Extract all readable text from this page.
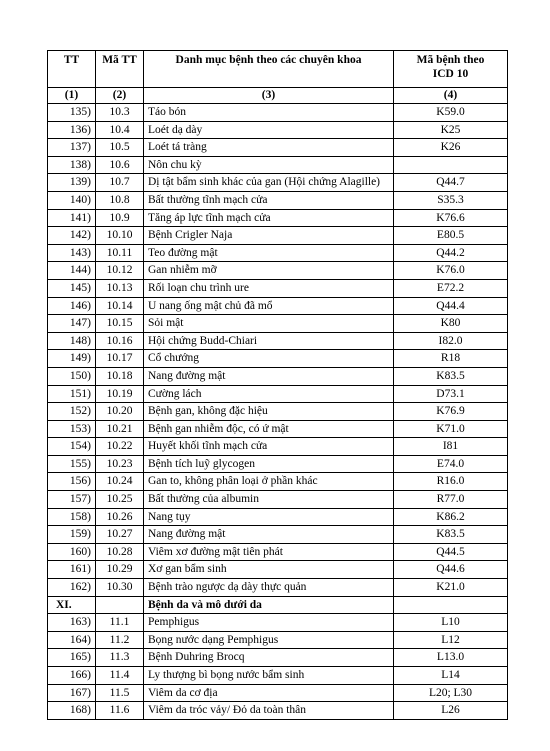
TT	Mã TT	Danh mục bệnh theo các chuyên khoa	Mã bệnh theo
ICD 10

(1)	(2)	(3)	(4)
135)	10.3	Táo bón	K59.0
136)	10.4	Loét dạ dày	K25
137)	10.5	Loét tá tràng	K26
138)	10.6	Nôn chu kỳ	
139)	10.7	Dị tật bẩm sinh khác của gan (Hội chứng Alagille)	Q44.7
140)	10.8	Bất thường tĩnh mạch cửa	S35.3
141)	10.9	Tăng áp lực tĩnh mạch cửa	K76.6
142)	10.10	Bệnh Crigler Naja	E80.5
143)	10.11	Teo đường mật	Q44.2
144)	10.12	Gan nhiễm mỡ	K76.0
145)	10.13	Rối loạn chu trình ure	E72.2
146)	10.14	U nang ống mật chủ đã mổ	Q44.4
147)	10.15	Sỏi mật	K80
148)	10.16	Hội chứng Budd-Chiari	I82.0
149)	10.17	Cổ chướng	R18
150)	10.18	Nang đường mật	K83.5
151)	10.19	Cường lách	D73.1
152)	10.20	Bệnh gan, không đặc hiệu	K76.9
153)	10.21	Bệnh gan nhiễm độc, có ứ mật	K71.0
154)	10.22	Huyết khối tĩnh mạch cửa	I81
155)	10.23	Bệnh tích luỹ glycogen	E74.0
156)	10.24	Gan to, không phân loại ở phần khác	R16.0
157)	10.25	Bất thường của albumin	R77.0
158)	10.26	Nang tụy	K86.2
159)	10.27	Nang đường mật	K83.5
160)	10.28	Viêm xơ đường mật tiên phát	Q44.5
161)	10.29	Xơ gan bẩm sinh	Q44.6
162)	10.30	Bệnh trào ngược dạ dày thực quản	K21.0
XI.		Bệnh da và mô dưới da	
163)	11.1	Pemphigus	L10
164)	11.2	Bọng nước dạng Pemphigus	L12
165)	11.3	Bệnh Duhring Brocq	L13.0
166)	11.4	Ly thượng bì bọng nước bẩm sinh	L14
167)	11.5	Viêm da cơ địa	L20; L30
168)	11.6	Viêm da tróc vảy/ Đỏ da toàn thân	L26
